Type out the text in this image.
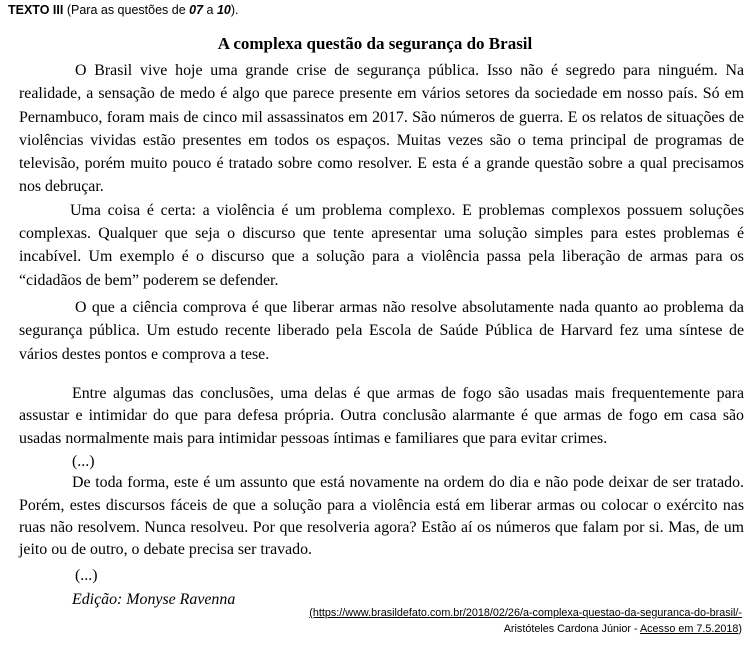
TEXTO III (Para as questões de 07 a 10).
A complexa questão da segurança do Brasil

O Brasil vive hoje uma grande crise de segurança pública. Isso não é segredo para ninguém. Na realidade, a sensação de medo é algo que parece presente em vários setores da sociedade em nosso país. Só em Pernambuco, foram mais de cinco mil assassinatos em 2017. São números de guerra. E os relatos de situações de violências vividas estão presentes em todos os espaços. Muitas vezes são o tema principal de programas de televisão, porém muito pouco é tratado sobre como resolver. E esta é a grande questão sobre a qual precisamos nos debruçar.

Uma coisa é certa: a violência é um problema complexo. E problemas complexos possuem soluções complexas. Qualquer que seja o discurso que tente apresentar uma solução simples para estes problemas é incabível. Um exemplo é o discurso que a solução para a violência passa pela liberação de armas para os “cidadãos de bem” poderem se defender.

O que a ciência comprova é que liberar armas não resolve absolutamente nada quanto ao problema da segurança pública. Um estudo recente liberado pela Escola de Saúde Pública de Harvard fez uma síntese de vários destes pontos e comprova a tese.

Entre algumas das conclusões, uma delas é que armas de fogo são usadas mais frequentemente para assustar e intimidar do que para defesa própria. Outra conclusão alarmante é que armas de fogo em casa são usadas normalmente mais para intimidar pessoas íntimas e familiares que para evitar crimes.

(...)

De toda forma, este é um assunto que está novamente na ordem do dia e não pode deixar de ser tratado. Porém, estes discursos fáceis de que a solução para a violência está em liberar armas ou colocar o exército nas ruas não resolvem. Nunca resolveu. Por que resolveria agora? Estão aí os números que falam por si. Mas, de um jeito ou de outro, o debate precisa ser travado.

(...)

Edição: Monyse Ravenna

(https://www.brasildefato.com.br/2018/02/26/a-complexa-questao-da-seguranca-do-brasil/-
Aristóteles Cardona Júnior - Acesso em 7.5.2018)
